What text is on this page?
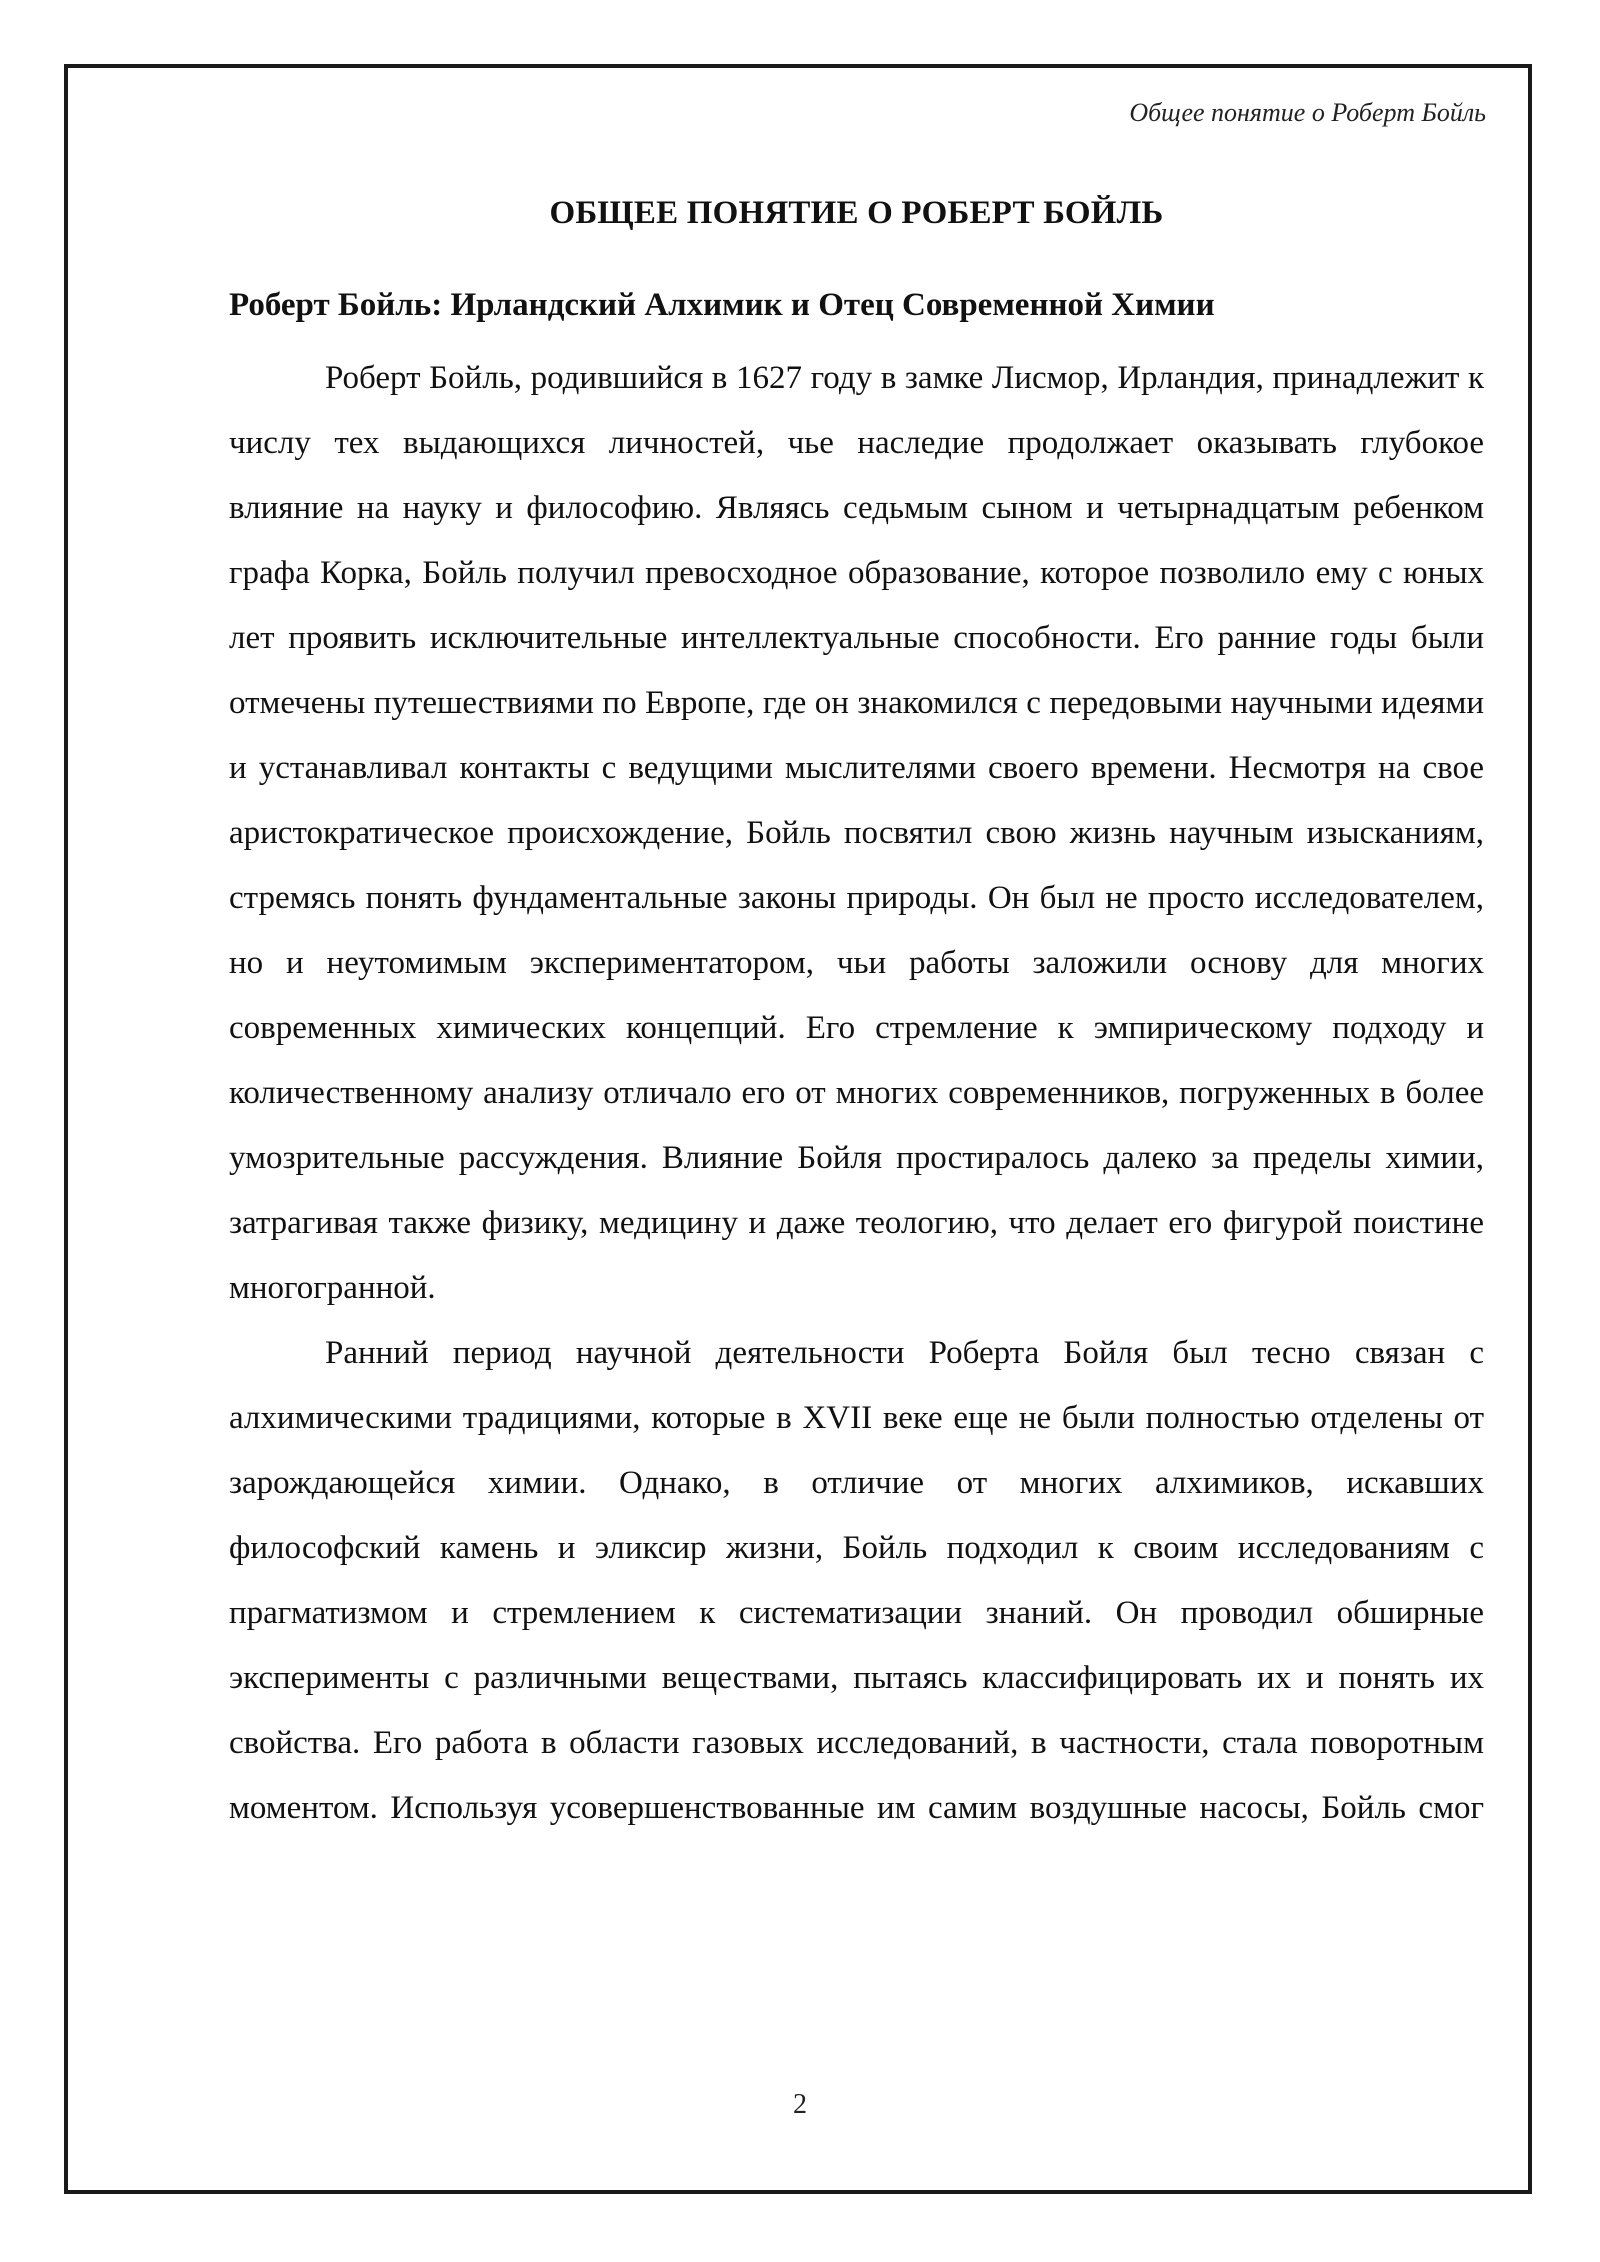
Общее понятие о Роберт Бойль
ОБЩЕЕ ПОНЯТИЕ О РОБЕРТ БОЙЛЬ
Роберт Бойль: Ирландский Алхимик и Отец Современной Химии

Роберт Бойль, родившийся в 1627 году в замке Лисмор, Ирландия, принадлежит к числу тех выдающихся личностей, чье наследие продолжает оказывать глубокое влияние на науку и философию. Являясь седьмым сыном и четырнадцатым ребенком графа Корка, Бойль получил превосходное образование, которое позволило ему с юных лет проявить исключительные интеллектуальные способности. Его ранние годы были отмечены путешествиями по Европе, где он знакомился с передовыми научными идеями и устанавливал контакты с ведущими мыслителями своего времени. Несмотря на свое аристократическое происхождение, Бойль посвятил свою жизнь научным изысканиям, стремясь понять фундаментальные законы природы. Он был не просто исследователем, но и неутомимым экспериментатором, чьи работы заложили основу для многих современных химических концепций. Его стремление к эмпирическому подходу и количественному анализу отличало его от многих современников, погруженных в более умозрительные рассуждения. Влияние Бойля простиралось далеко за пределы химии, затрагивая также физику, медицину и даже теологию, что делает его фигурой поистине многогранной.

Ранний период научной деятельности Роберта Бойля был тесно связан с алхимическими традициями, которые в XVII веке еще не были полностью отделены от зарождающейся химии. Однако, в отличие от многих алхимиков, искавших философский камень и эликсир жизни, Бойль подходил к своим исследованиям с прагматизмом и стремлением к систематизации знаний. Он проводил обширные эксперименты с различными веществами, пытаясь классифицировать их и понять их свойства. Его работа в области газовых исследований, в частности, стала поворотным моментом. Используя усовершенствованные им самим воздушные насосы, Бойль смог

2
